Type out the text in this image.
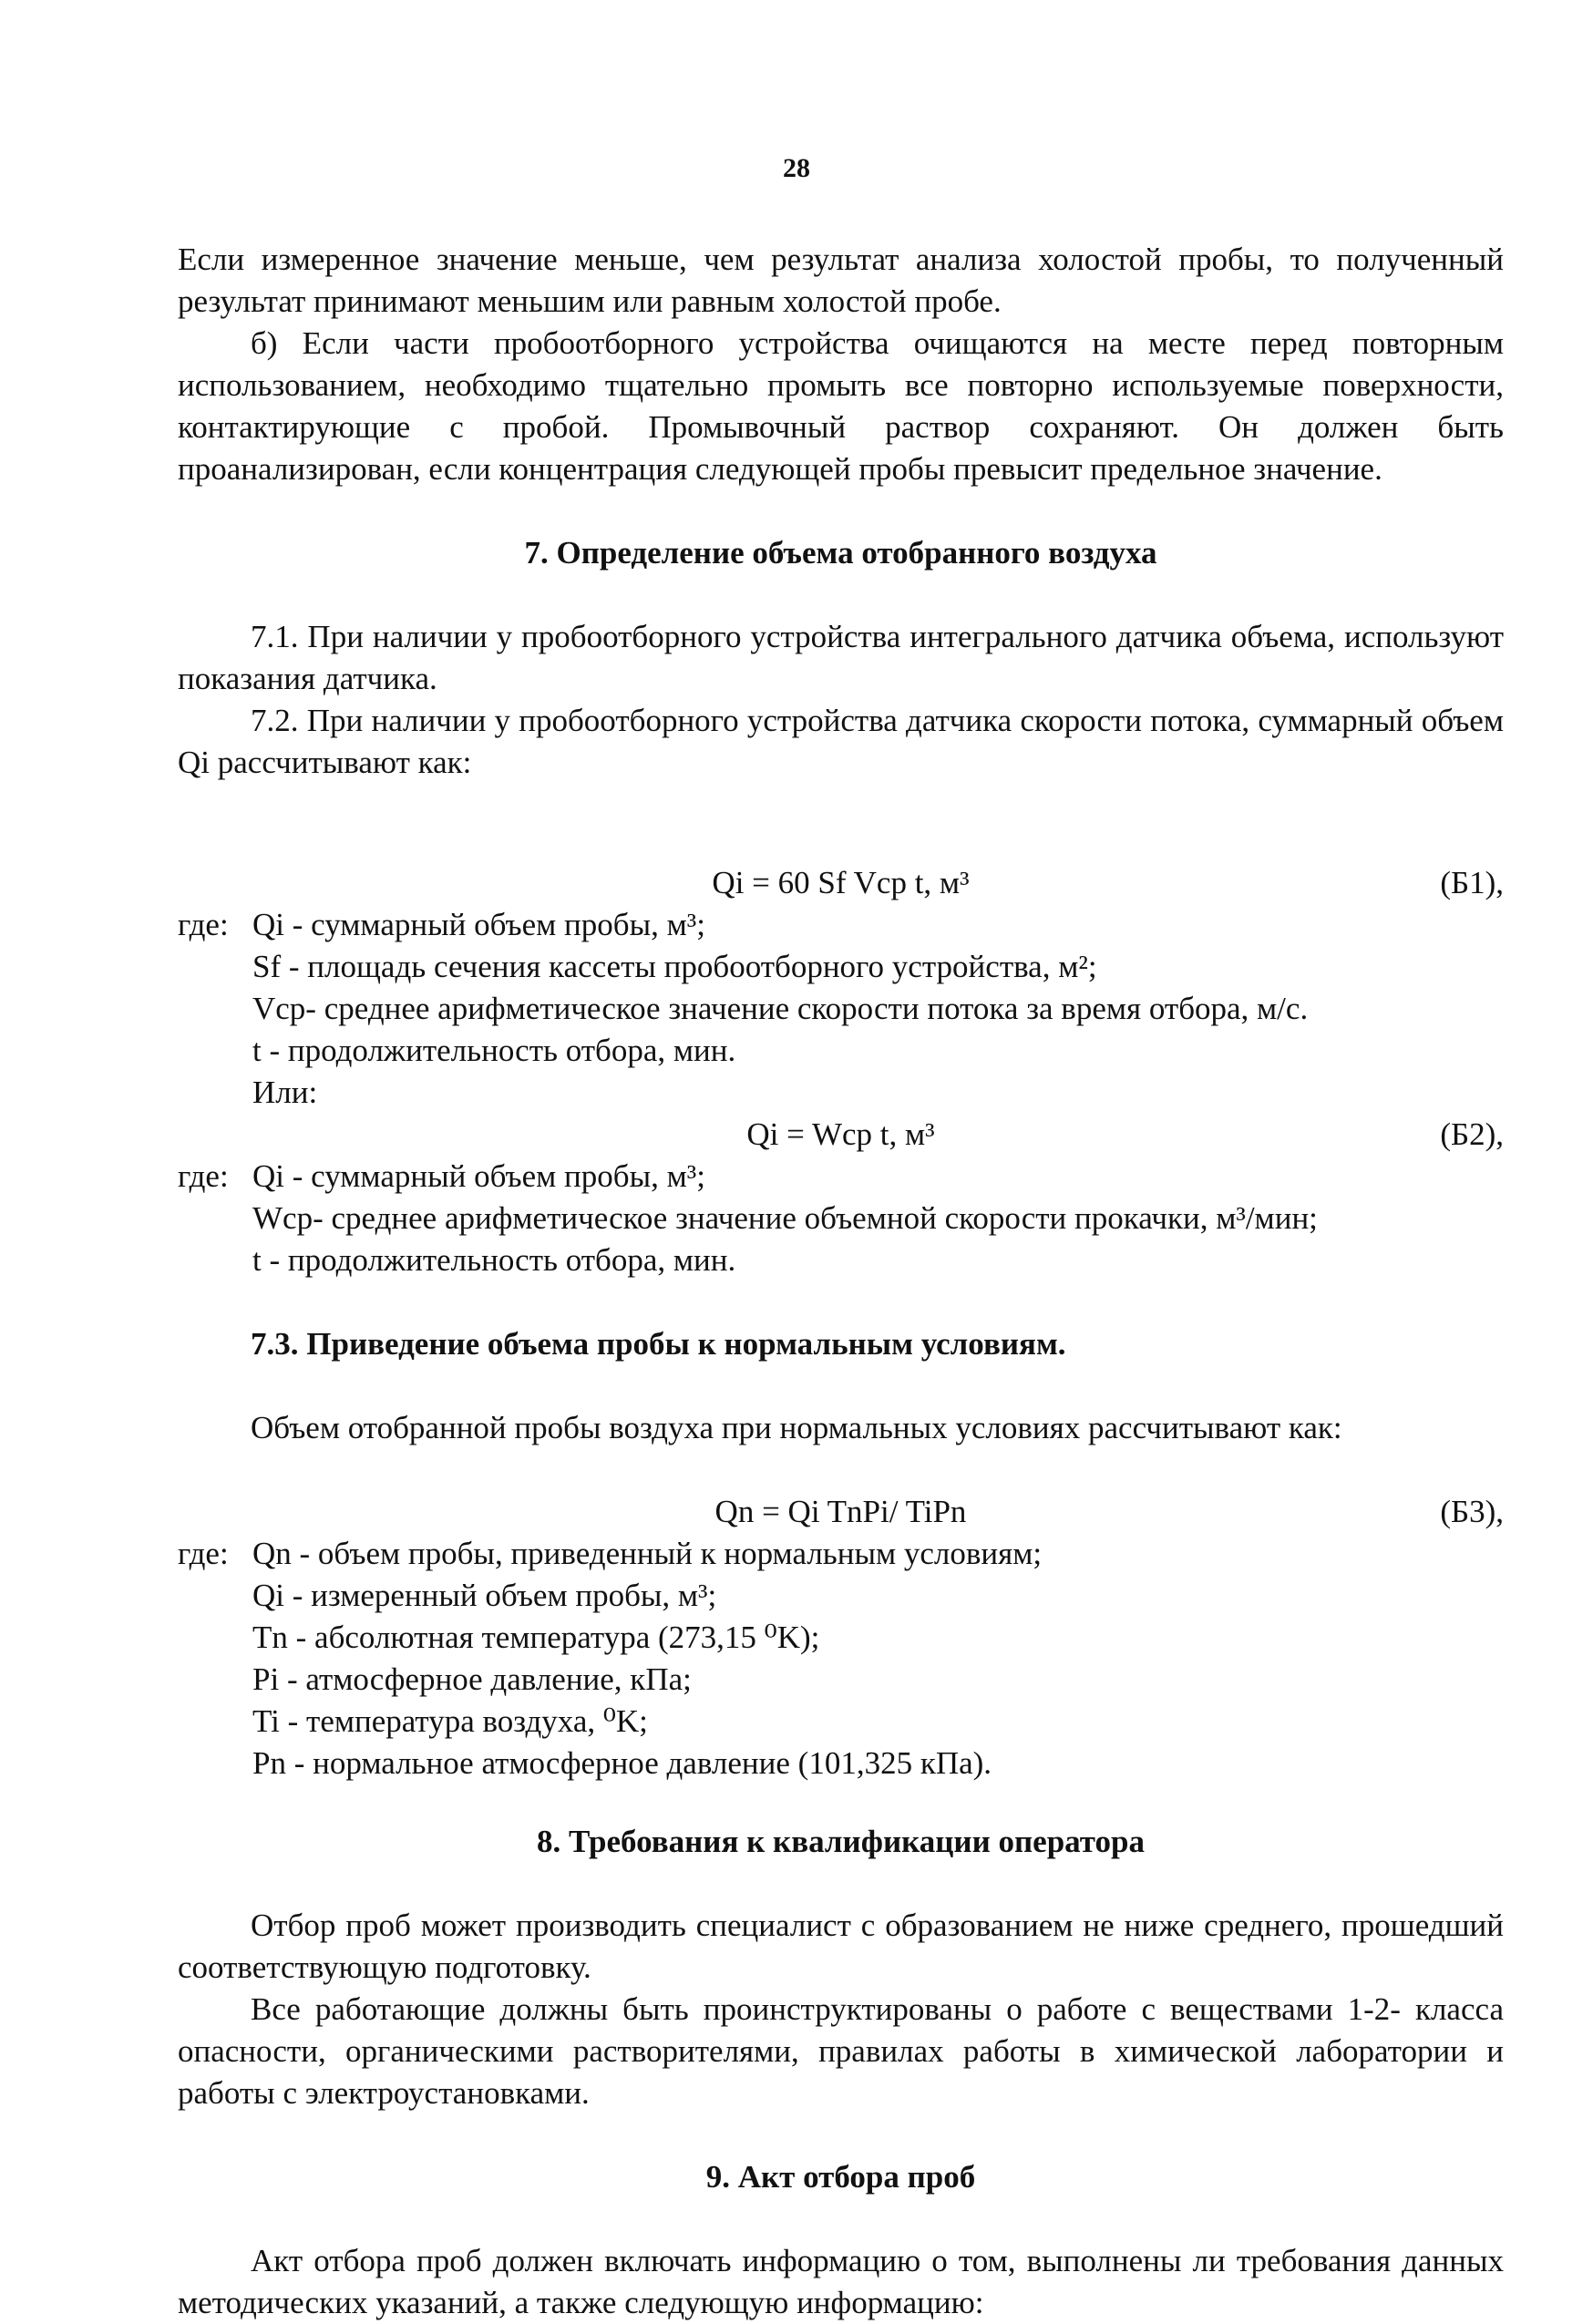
28

Если измеренное значение меньше, чем результат анализа холостой пробы, то полученный результат принимают меньшим или равным холостой пробе.

б) Если части пробоотборного устройства очищаются на месте перед повторным использованием, необходимо тщательно промыть все повторно используемые поверхности, контактирующие с пробой. Промывочный раствор сохраняют. Он должен быть проанализирован, если концентрация следующей пробы превысит предельное значение.

7. Определение объема отобранного воздуха

7.1. При наличии у пробоотборного устройства интегрального датчика объема, используют показания датчика.

7.2. При наличии у пробоотборного устройства датчика скорости потока, суммарный объем Qi рассчитывают как:

Qi = 60 Sf Vср t, м³	(Б1),
где: Qi - суммарный объем пробы, м³;
Sf - площадь сечения кассеты пробоотборного устройства, м²;
Vср- среднее арифметическое значение скорости потока за время отбора, м/с.
t - продолжительность отбора, мин.
Или:
Qi = Wср t, м³	(Б2),
где: Qi - суммарный объем пробы, м³;
Wср- среднее арифметическое значение объемной скорости прокачки, м³/мин;
t - продолжительность отбора, мин.

7.3. Приведение объема пробы к нормальным условиям.

Объем отобранной пробы воздуха при нормальных условиях рассчитывают как:

Qn = Qi TnPi/ TiPn	(Б3),
где: Qn - объем пробы, приведенный к нормальным условиям;
Qi - измеренный объем пробы, м³;
Tn - абсолютная температура (273,15 ⁰K);
Pi - атмосферное давление, кПа;
Ti - температура воздуха, ⁰K;
Pn - нормальное атмосферное давление (101,325 кПа).

8. Требования к квалификации оператора

Отбор проб может производить специалист с образованием не ниже среднего, прошедший соответствующую подготовку.

Все работающие должны быть проинструктированы о работе с веществами 1-2- класса опасности, органическими растворителями, правилах работы в химической лаборатории и работы с электроустановками.

9. Акт отбора проб

Акт отбора проб должен включать информацию о том, выполнены ли требования данных методических указаний, а также следующую информацию:
